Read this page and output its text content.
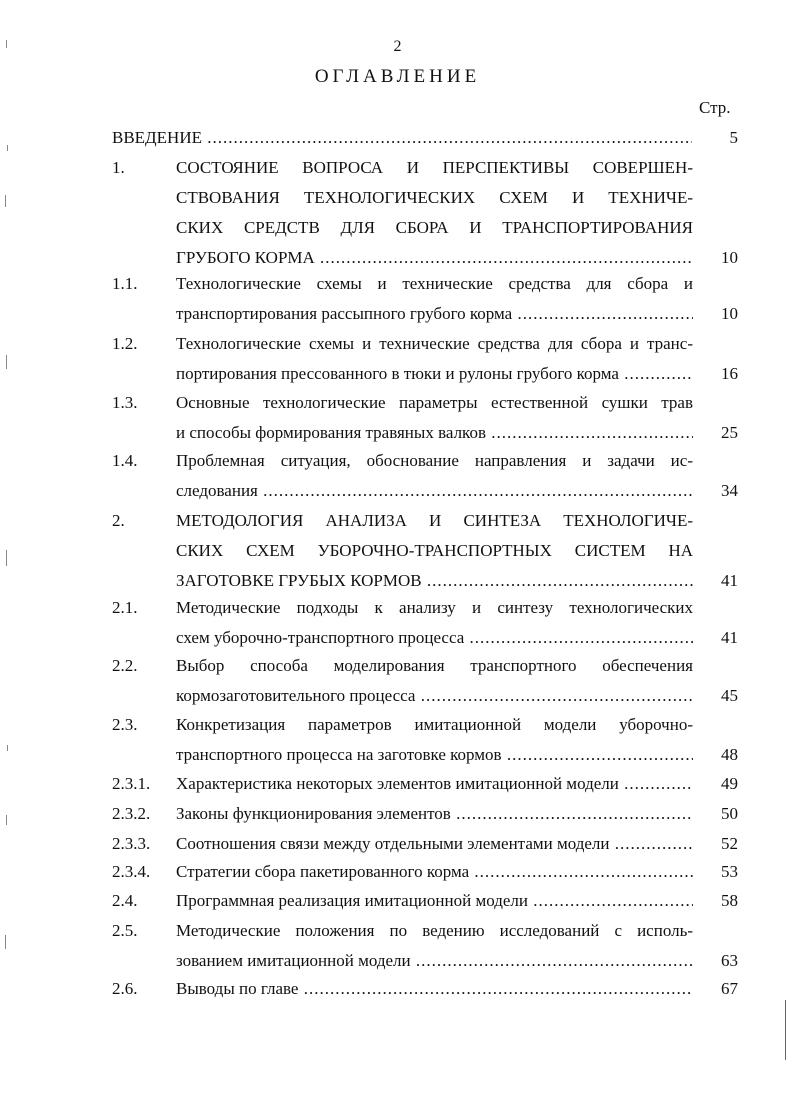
2
ОГЛАВЛЕНИЕ
Стр.
ВВЕДЕНИЕ .....	5
1.	СОСТОЯНИЕ ВОПРОСА И ПЕРСПЕКТИВЫ СОВЕРШЕН-
СТВОВАНИЯ ТЕХНОЛОГИЧЕСКИХ СХЕМ И ТЕХНИЧЕ-
СКИХ СРЕДСТВ ДЛЯ СБОРА И ТРАНСПОРТИРОВАНИЯ
ГРУБОГО КОРМА .....	10
1.1. Технологические схемы и технические средства для сбора и
транспортирования рассыпного грубого корма .....	10
1.2. Технологические схемы и технические средства для сбора и транс-
портирования прессованного в тюки и рулоны грубого корма .....	16
1.3. Основные технологические параметры естественной сушки трав
и способы формирования травяных валков .....	25
1.4. Проблемная ситуация, обоснование направления и задачи ис-
следования .....	34
2.	МЕТОДОЛОГИЯ АНАЛИЗА И СИНТЕЗА ТЕХНОЛОГИЧЕ-
СКИХ СХЕМ УБОРОЧНО-ТРАНСПОРТНЫХ СИСТЕМ НА
ЗАГОТОВКЕ ГРУБЫХ КОРМОВ .....	41
2.1. Методические подходы к анализу и синтезу технологических
схем уборочно-транспортного процесса .....	41
2.2. Выбор способа моделирования транспортного обеспечения
кормозаготовительного процесса .....	45
2.3. Конкретизация параметров имитационной модели уборочно-
транспортного процесса на заготовке кормов .....	48
2.3.1. Характеристика некоторых элементов имитационной модели .....	49
2.3.2. Законы функционирования элементов .....	50
2.3.3. Соотношения связи между отдельными элементами модели .....	52
2.3.4. Стратегии сбора пакетированного корма .....	53
2.4. Программная реализация имитационной модели .....	58
2.5. Методические положения по ведению исследований с исполь-
зованием имитационной модели .....	63
2.6. Выводы по главе .....	67
